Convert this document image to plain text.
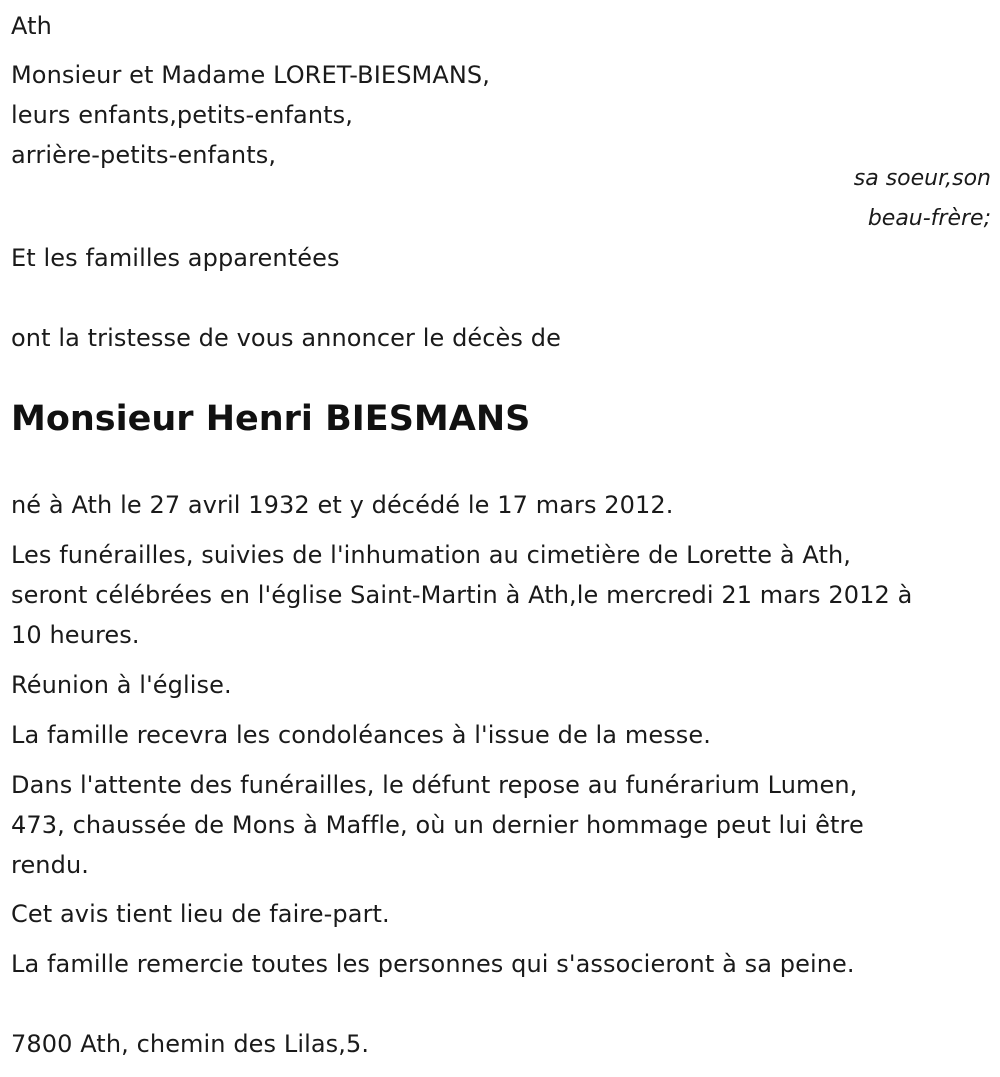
Ath
Monsieur et Madame LORET-BIESMANS,
leurs enfants,petits-enfants,
arrière-petits-enfants,
sa soeur,son
beau-frère;
Et les familles apparentées
ont la tristesse de vous annoncer le décès de
Monsieur Henri BIESMANS
né à Ath le 27 avril 1932 et y décédé le 17 mars 2012.
Les funérailles, suivies de l'inhumation au cimetière de Lorette à Ath,
seront célébrées en l'église Saint-Martin à Ath,le mercredi 21 mars 2012 à
10 heures.
Réunion à l'église.
La famille recevra les condoléances à l'issue de la messe.
Dans l'attente des funérailles, le défunt repose au funérarium Lumen,
473, chaussée de Mons à Maffle, où un dernier hommage peut lui être
rendu.
Cet avis tient lieu de faire-part.
La famille remercie toutes les personnes qui s'associeront à sa peine.
7800 Ath, chemin des Lilas,5.
